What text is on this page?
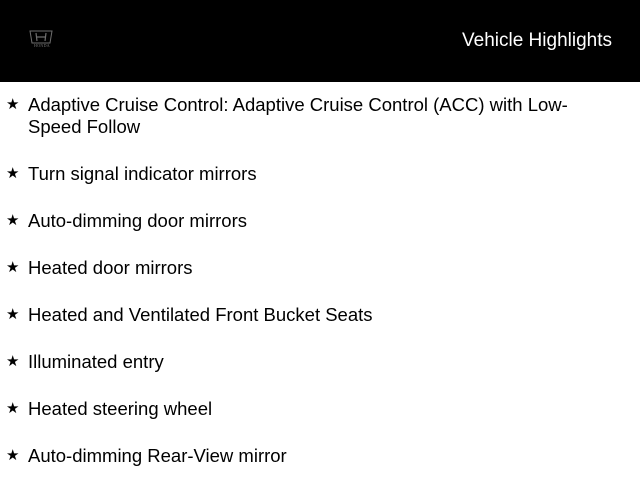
HONDA	Vehicle Highlights
★ Adaptive Cruise Control: Adaptive Cruise Control (ACC) with Low-Speed Follow
★ Turn signal indicator mirrors
★ Auto-dimming door mirrors
★ Heated door mirrors
★ Heated and Ventilated Front Bucket Seats
★ Illuminated entry
★ Heated steering wheel
★ Auto-dimming Rear-View mirror
